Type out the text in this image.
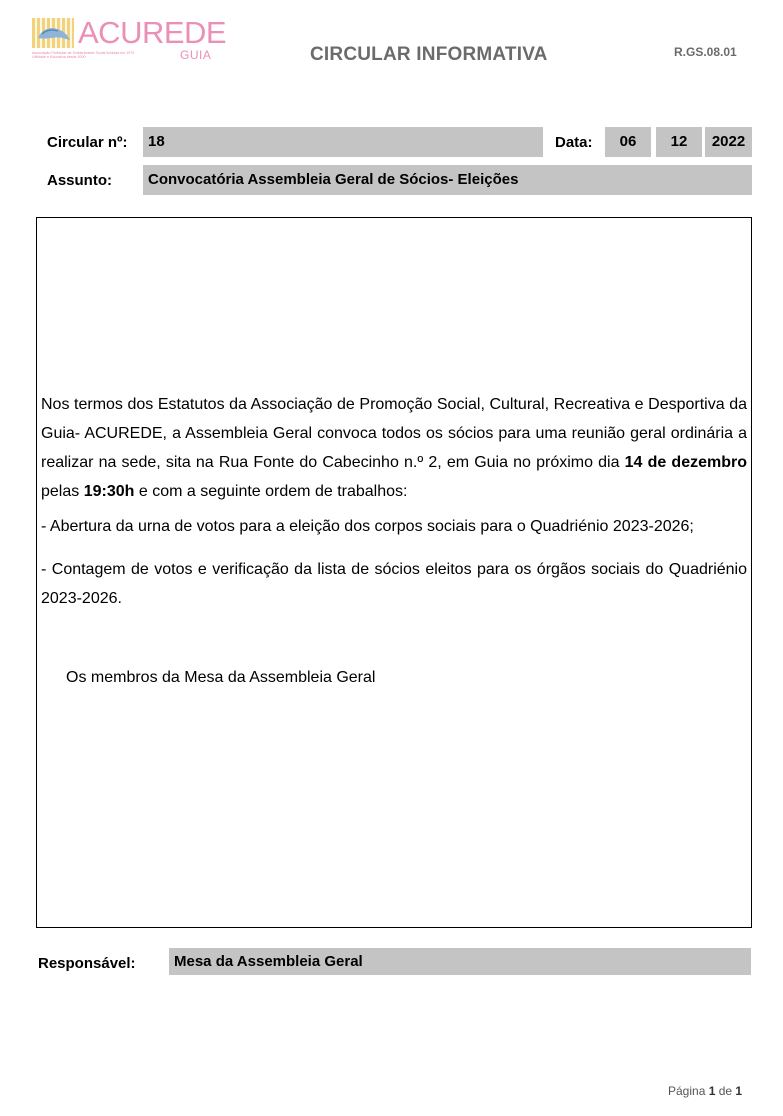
ACUREDE
GUIA
Associação Particular de Solidariedade Social fundada em 1979 Utilidade e Educativa desde 2000	CIRCULAR INFORMATIVA	R.GS.08.01
Circular nº:	18	Data:	06	12	2022
Assunto:	Convocatória Assembleia Geral de Sócios- Eleições

Nos termos dos Estatutos da Associação de Promoção Social, Cultural, Recreativa e Desportiva da Guia- ACUREDE, a Assembleia Geral convoca todos os sócios para uma reunião geral ordinária a realizar na sede, sita na Rua Fonte do Cabecinho n.º 2, em Guia no próximo dia 14 de dezembro pelas 19:30h e com a seguinte ordem de trabalhos:

- Abertura da urna de votos para a eleição dos corpos sociais para o Quadriénio 2023-2026;

- Contagem de votos e verificação da lista de sócios eleitos para os órgãos sociais do Quadriénio 2023-2026.

Os membros da Mesa da Assembleia Geral

Responsável:	Mesa da Assembleia Geral
Página 1 de 1
